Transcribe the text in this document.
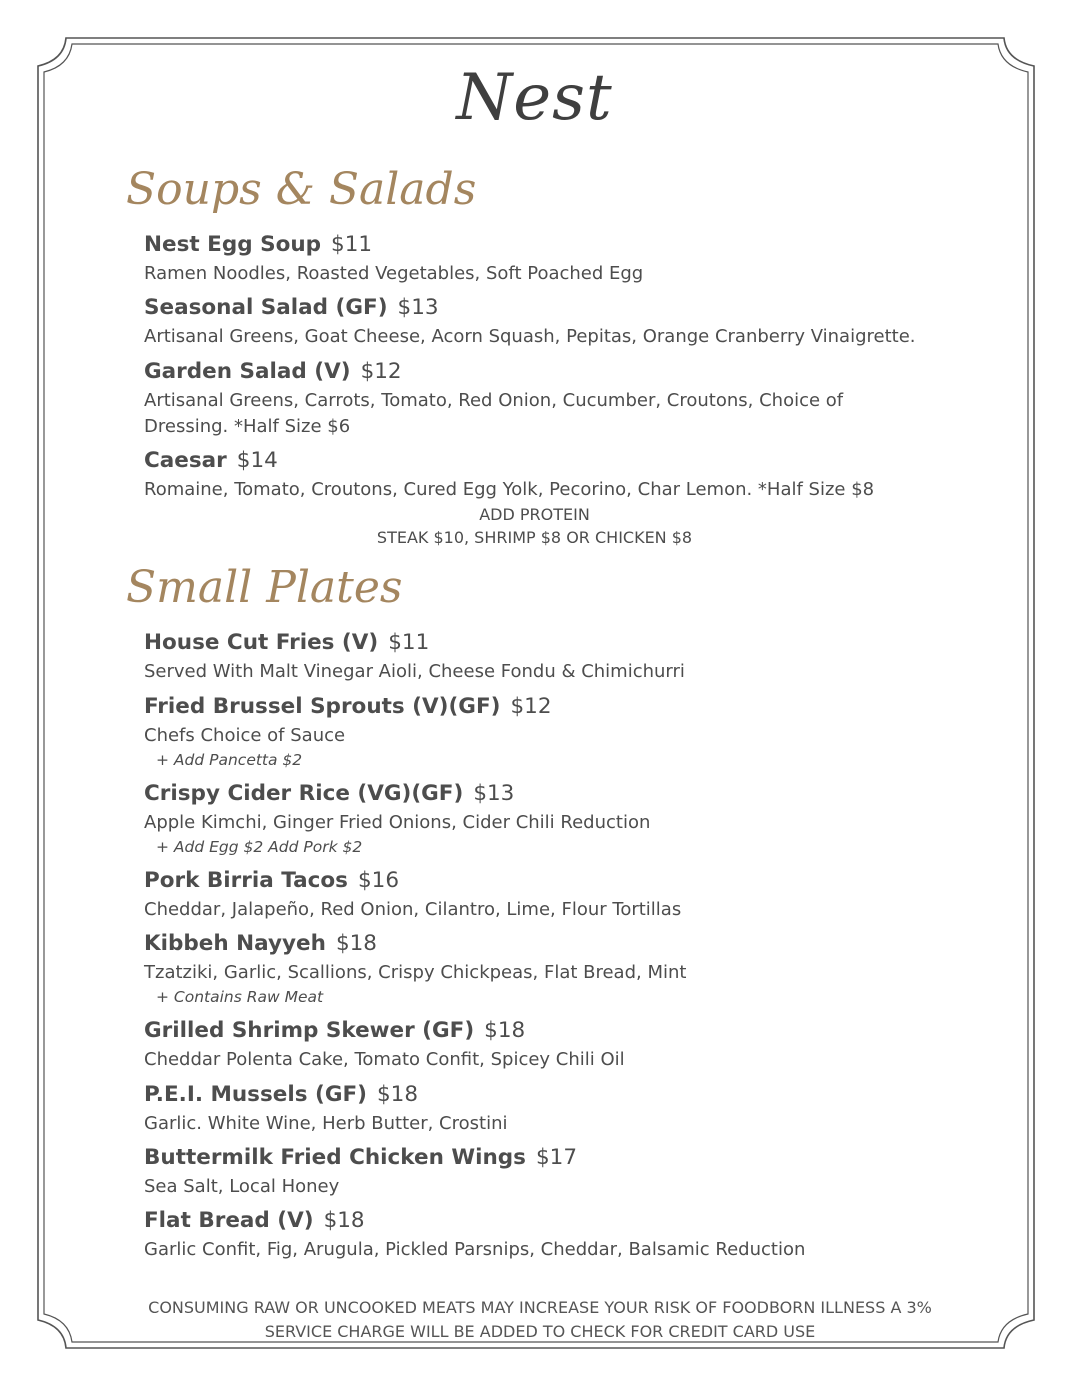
Nest
Soups & Salads
Nest Egg Soup $11
Ramen Noodles, Roasted Vegetables, Soft Poached Egg
Seasonal Salad (GF) $13
Artisanal Greens, Goat Cheese, Acorn Squash, Pepitas, Orange Cranberry Vinaigrette.
Garden Salad (V) $12
Artisanal Greens, Carrots, Tomato, Red Onion, Cucumber, Croutons, Choice of Dressing. *Half Size $6
Caesar $14
Romaine, Tomato, Croutons, Cured Egg Yolk, Pecorino, Char Lemon. *Half Size $8
ADD PROTEIN
STEAK $10, SHRIMP $8 OR CHICKEN $8
Small Plates
House Cut Fries (V) $11
Served With Malt Vinegar Aioli, Cheese Fondu & Chimichurri
Fried Brussel Sprouts (V)(GF) $12
Chefs Choice of Sauce
+ Add Pancetta $2
Crispy Cider Rice (VG)(GF) $13
Apple Kimchi, Ginger Fried Onions, Cider Chili Reduction
+ Add Egg $2 Add Pork $2
Pork Birria Tacos $16
Cheddar, Jalapeño, Red Onion, Cilantro, Lime, Flour Tortillas
Kibbeh Nayyeh $18
Tzatziki, Garlic, Scallions, Crispy Chickpeas, Flat Bread, Mint
+ Contains Raw Meat
Grilled Shrimp Skewer (GF) $18
Cheddar Polenta Cake, Tomato Confit, Spicey Chili Oil
P.E.I. Mussels (GF) $18
Garlic. White Wine, Herb Butter, Crostini
Buttermilk Fried Chicken Wings $17
Sea Salt, Local Honey
Flat Bread (V) $18
Garlic Confit, Fig, Arugula, Pickled Parsnips, Cheddar, Balsamic Reduction
CONSUMING RAW OR UNCOOKED MEATS MAY INCREASE YOUR RISK OF FOODBORN ILLNESS A 3% SERVICE CHARGE WILL BE ADDED TO CHECK FOR CREDIT CARD USE
